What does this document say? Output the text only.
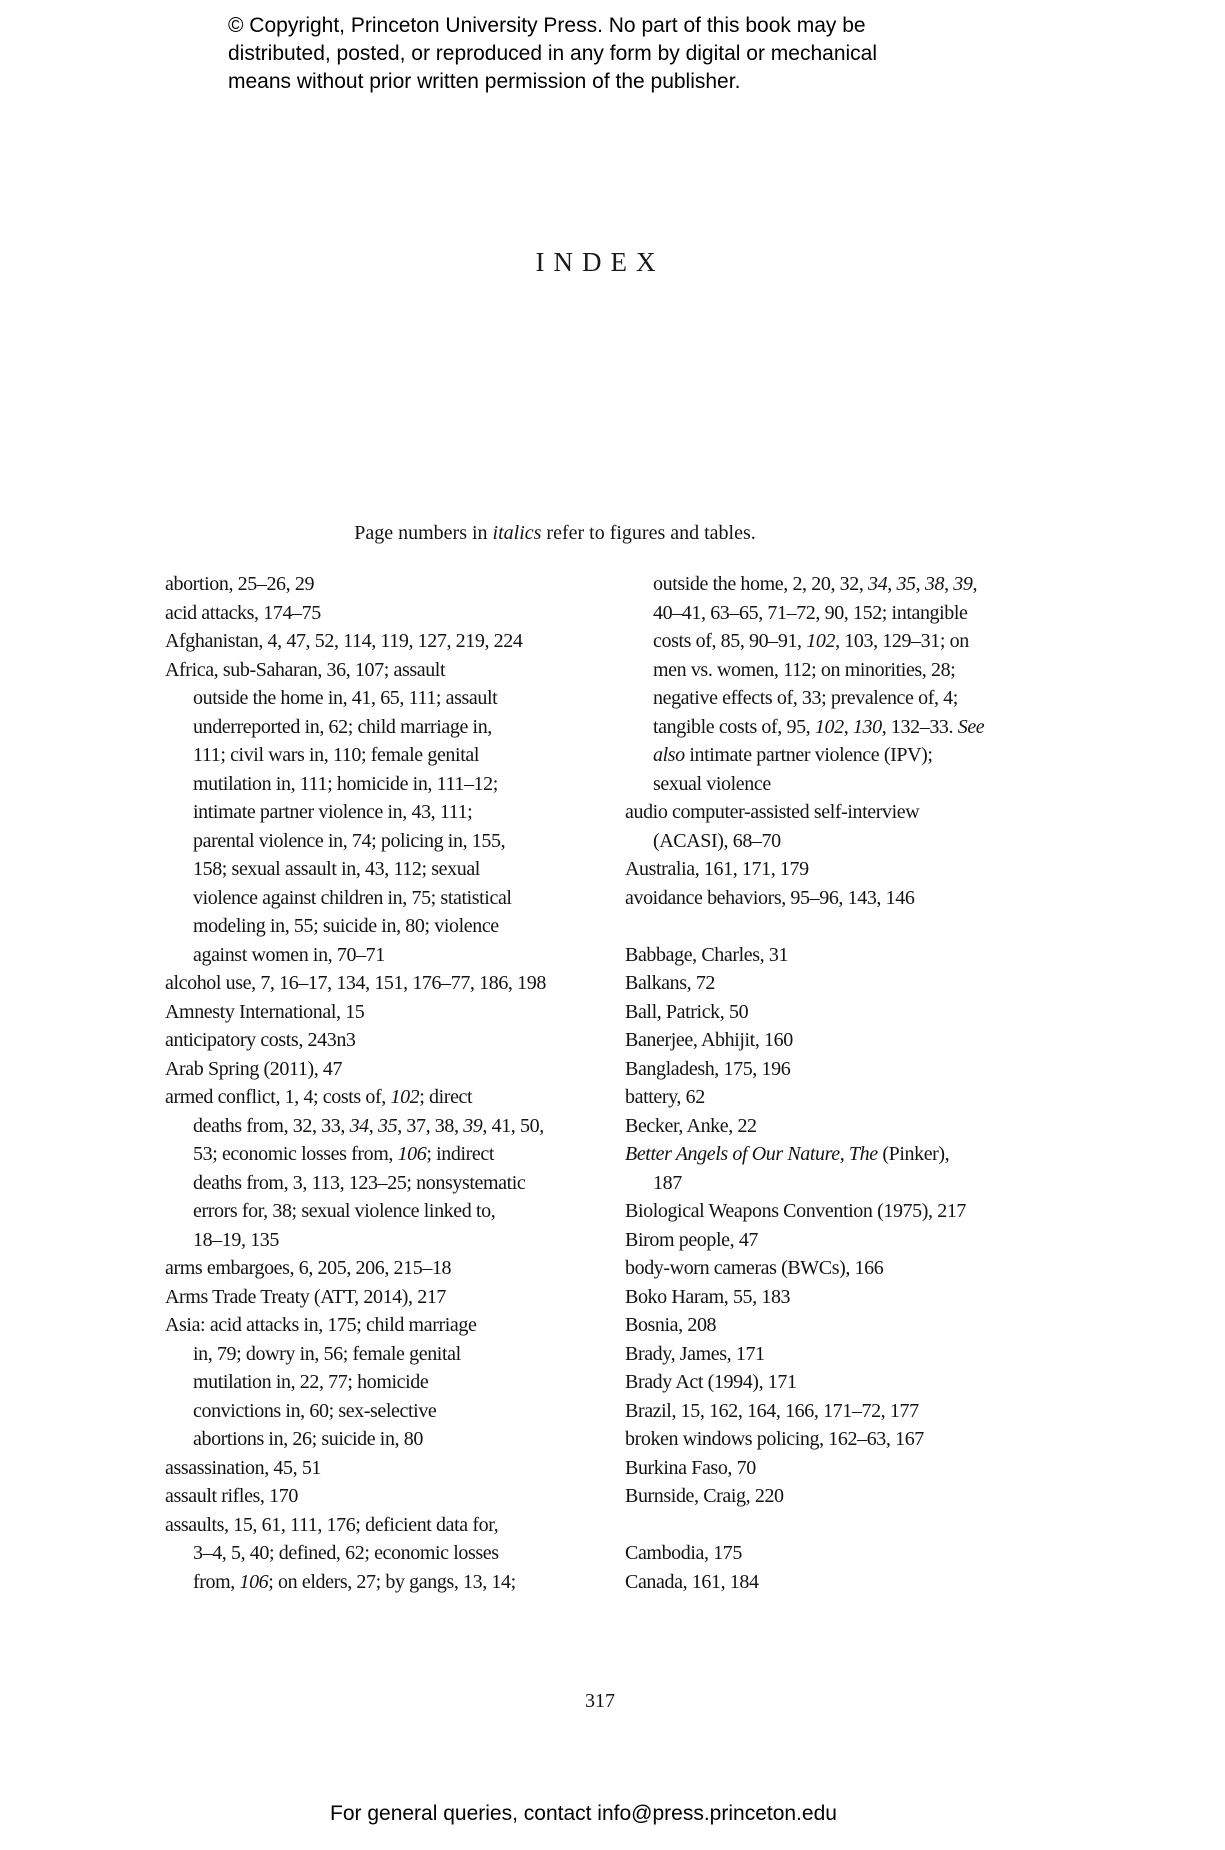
© Copyright, Princeton University Press. No part of this book may be
distributed, posted, or reproduced in any form by digital or mechanical
means without prior written permission of the publisher.
INDEX
Page numbers in italics refer to figures and tables.
abortion, 25–26, 29
acid attacks, 174–75
Afghanistan, 4, 47, 52, 114, 119, 127, 219, 224
Africa, sub-Saharan, 36, 107; assault
outside the home in, 41, 65, 111; assault
underreported in, 62; child marriage in,
111; civil wars in, 110; female genital
mutilation in, 111; homicide in, 111–12;
intimate partner violence in, 43, 111;
parental violence in, 74; policing in, 155,
158; sexual assault in, 43, 112; sexual
violence against children in, 75; statistical
modeling in, 55; suicide in, 80; violence
against women in, 70–71
alcohol use, 7, 16–17, 134, 151, 176–77, 186, 198
Amnesty International, 15
anticipatory costs, 243n3
Arab Spring (2011), 47
armed conflict, 1, 4; costs of, 102; direct
deaths from, 32, 33, 34, 35, 37, 38, 39, 41, 50,
53; economic losses from, 106; indirect
deaths from, 3, 113, 123–25; nonsystematic
errors for, 38; sexual violence linked to,
18–19, 135
arms embargoes, 6, 205, 206, 215–18
Arms Trade Treaty (ATT, 2014), 217
Asia: acid attacks in, 175; child marriage
in, 79; dowry in, 56; female genital
mutilation in, 22, 77; homicide
convictions in, 60; sex-selective
abortions in, 26; suicide in, 80
assassination, 45, 51
assault rifles, 170
assaults, 15, 61, 111, 176; deficient data for,
3–4, 5, 40; defined, 62; economic losses
from, 106; on elders, 27; by gangs, 13, 14;
outside the home, 2, 20, 32, 34, 35, 38, 39,
40–41, 63–65, 71–72, 90, 152; intangible
costs of, 85, 90–91, 102, 103, 129–31; on
men vs. women, 112; on minorities, 28;
negative effects of, 33; prevalence of, 4;
tangible costs of, 95, 102, 130, 132–33. See
also intimate partner violence (IPV);
sexual violence
audio computer-assisted self-interview
(ACASI), 68–70
Australia, 161, 171, 179
avoidance behaviors, 95–96, 143, 146

Babbage, Charles, 31
Balkans, 72
Ball, Patrick, 50
Banerjee, Abhijit, 160
Bangladesh, 175, 196
battery, 62
Becker, Anke, 22
Better Angels of Our Nature, The (Pinker),
187
Biological Weapons Convention (1975), 217
Birom people, 47
body-worn cameras (BWCs), 166
Boko Haram, 55, 183
Bosnia, 208
Brady, James, 171
Brady Act (1994), 171
Brazil, 15, 162, 164, 166, 171–72, 177
broken windows policing, 162–63, 167
Burkina Faso, 70
Burnside, Craig, 220

Cambodia, 175
Canada, 161, 184
317
For general queries, contact info@press.princeton.edu
